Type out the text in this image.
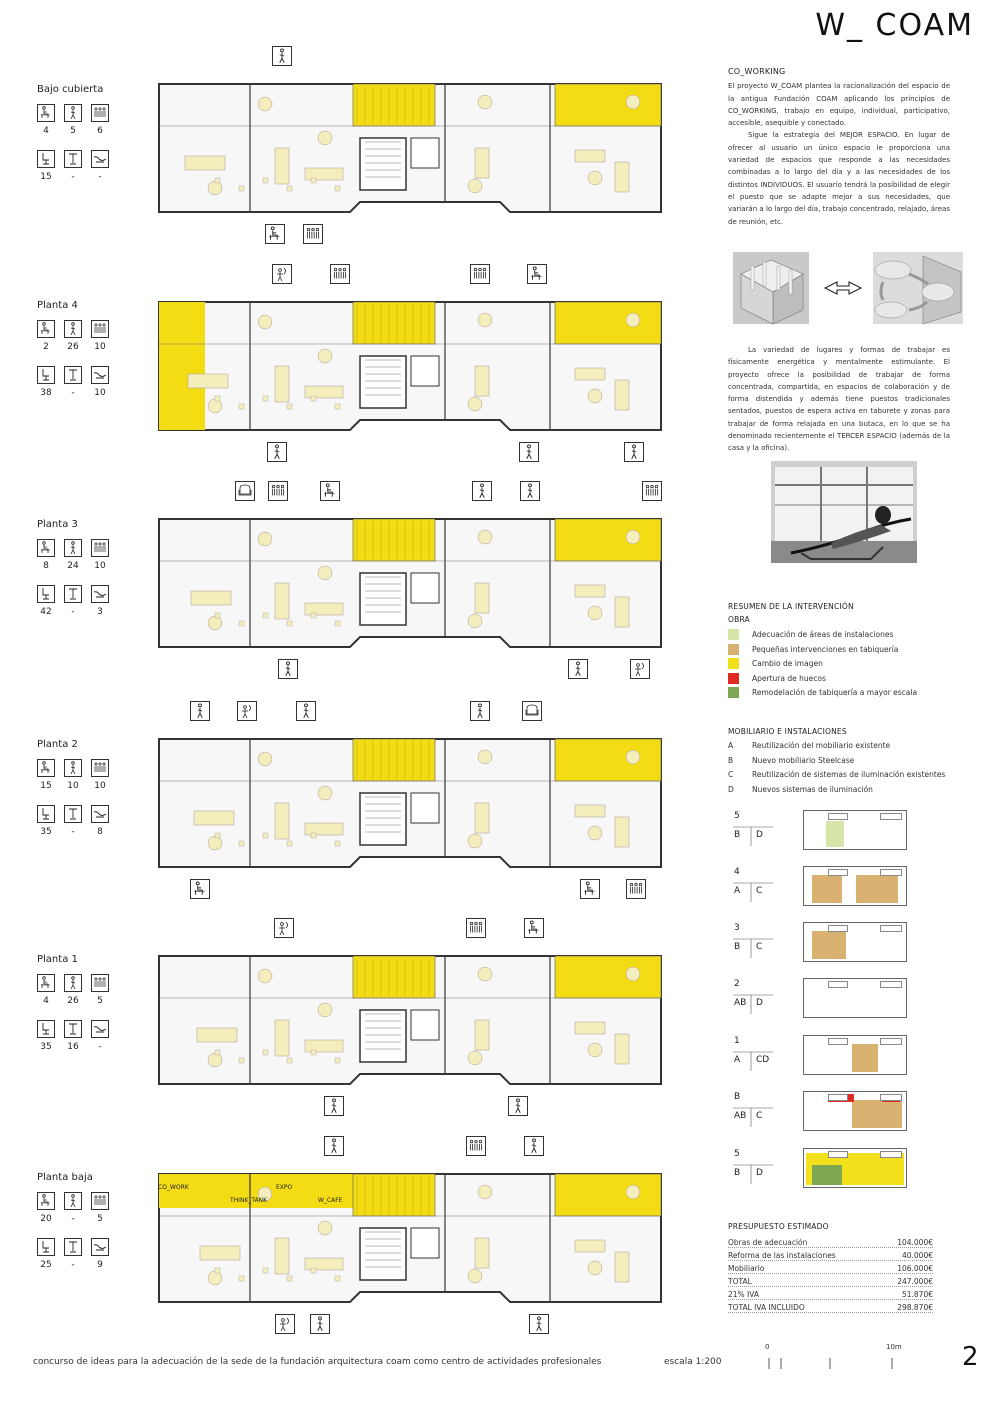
W_ COAM
Bajo cubierta
4	5	6
15	-	-
Planta 4
2	26	10
38	-	10
Planta 3
8	24	10
42	-	3
Planta 2
15	10	10
35	-	8
Planta 1
4	26	5
35	16	-
Planta baja
20	-	5
25	-	9
CO_WORK	EXPO
THINK_TANK	W_CAFE
CO_WORKING
El proyecto W_COAM plantea la racionalización del espacio de la antigua Fundación COAM aplicando los principios de CO_WORKING, trabajo en equipo, individual, participativo, accesible, asequible y conectado.
Sigue la estrategia del MEJOR ESPACIO. En lugar de ofrecer al usuario un único espacio le proporciona una variedad de espacios que responde a las necesidades combinadas a lo largo del día y a las necesidades de los distintos INDIVIDUOS. El usuario tendrá la posibilidad de elegir el puesto que se adapte mejor a sus necesidades, que variarán a lo largo del día, trabajo concentrado, relajado, áreas de reunión, etc.
La variedad de lugares y formas de trabajar es físicamente energética y mentalmente estimulante. El proyecto ofrece la posibilidad de trabajar de forma concentrada, compartida, en espacios de colaboración y de forma distendida y además tiene puestos tradicionales sentados, puestos de espera activa en taburete y zonas para trabajar de forma relajada en una butaca, en lo que se ha denominado recientemente el TERCER ESPACIO (además de la casa y la oficina).
RESUMEN DE LA INTERVENCIÓN
OBRA
Adecuación de áreas de instalaciones
Pequeñas intervenciones en tabiquería
Cambio de imagen
Apertura de huecos
Remodelación de tabiquería a mayor escala
MOBILIARIO E INSTALACIONES
A	Reutilización del mobiliario existente
B	Nuevo mobiliario Steelcase
C	Reutilización de sistemas de iluminación existentes
D	Nuevos sistemas de iluminación
5
B D
4
A C
3
B C
2
AB D
1
A CD
B
AB C
5
B D
PRESUPUESTO ESTIMADO
Obras de adecuación	104.000€
Reforma de las instalaciones	40.000€
Mobiliario	106.000€
TOTAL	247.000€
21% IVA	51.870€
TOTAL IVA INCLUIDO	298.870€
concurso de ideas para la adecuación de la sede de la fundación arquitectura coam como centro de actividades profesionales	escala 1:200
0	10m 2
